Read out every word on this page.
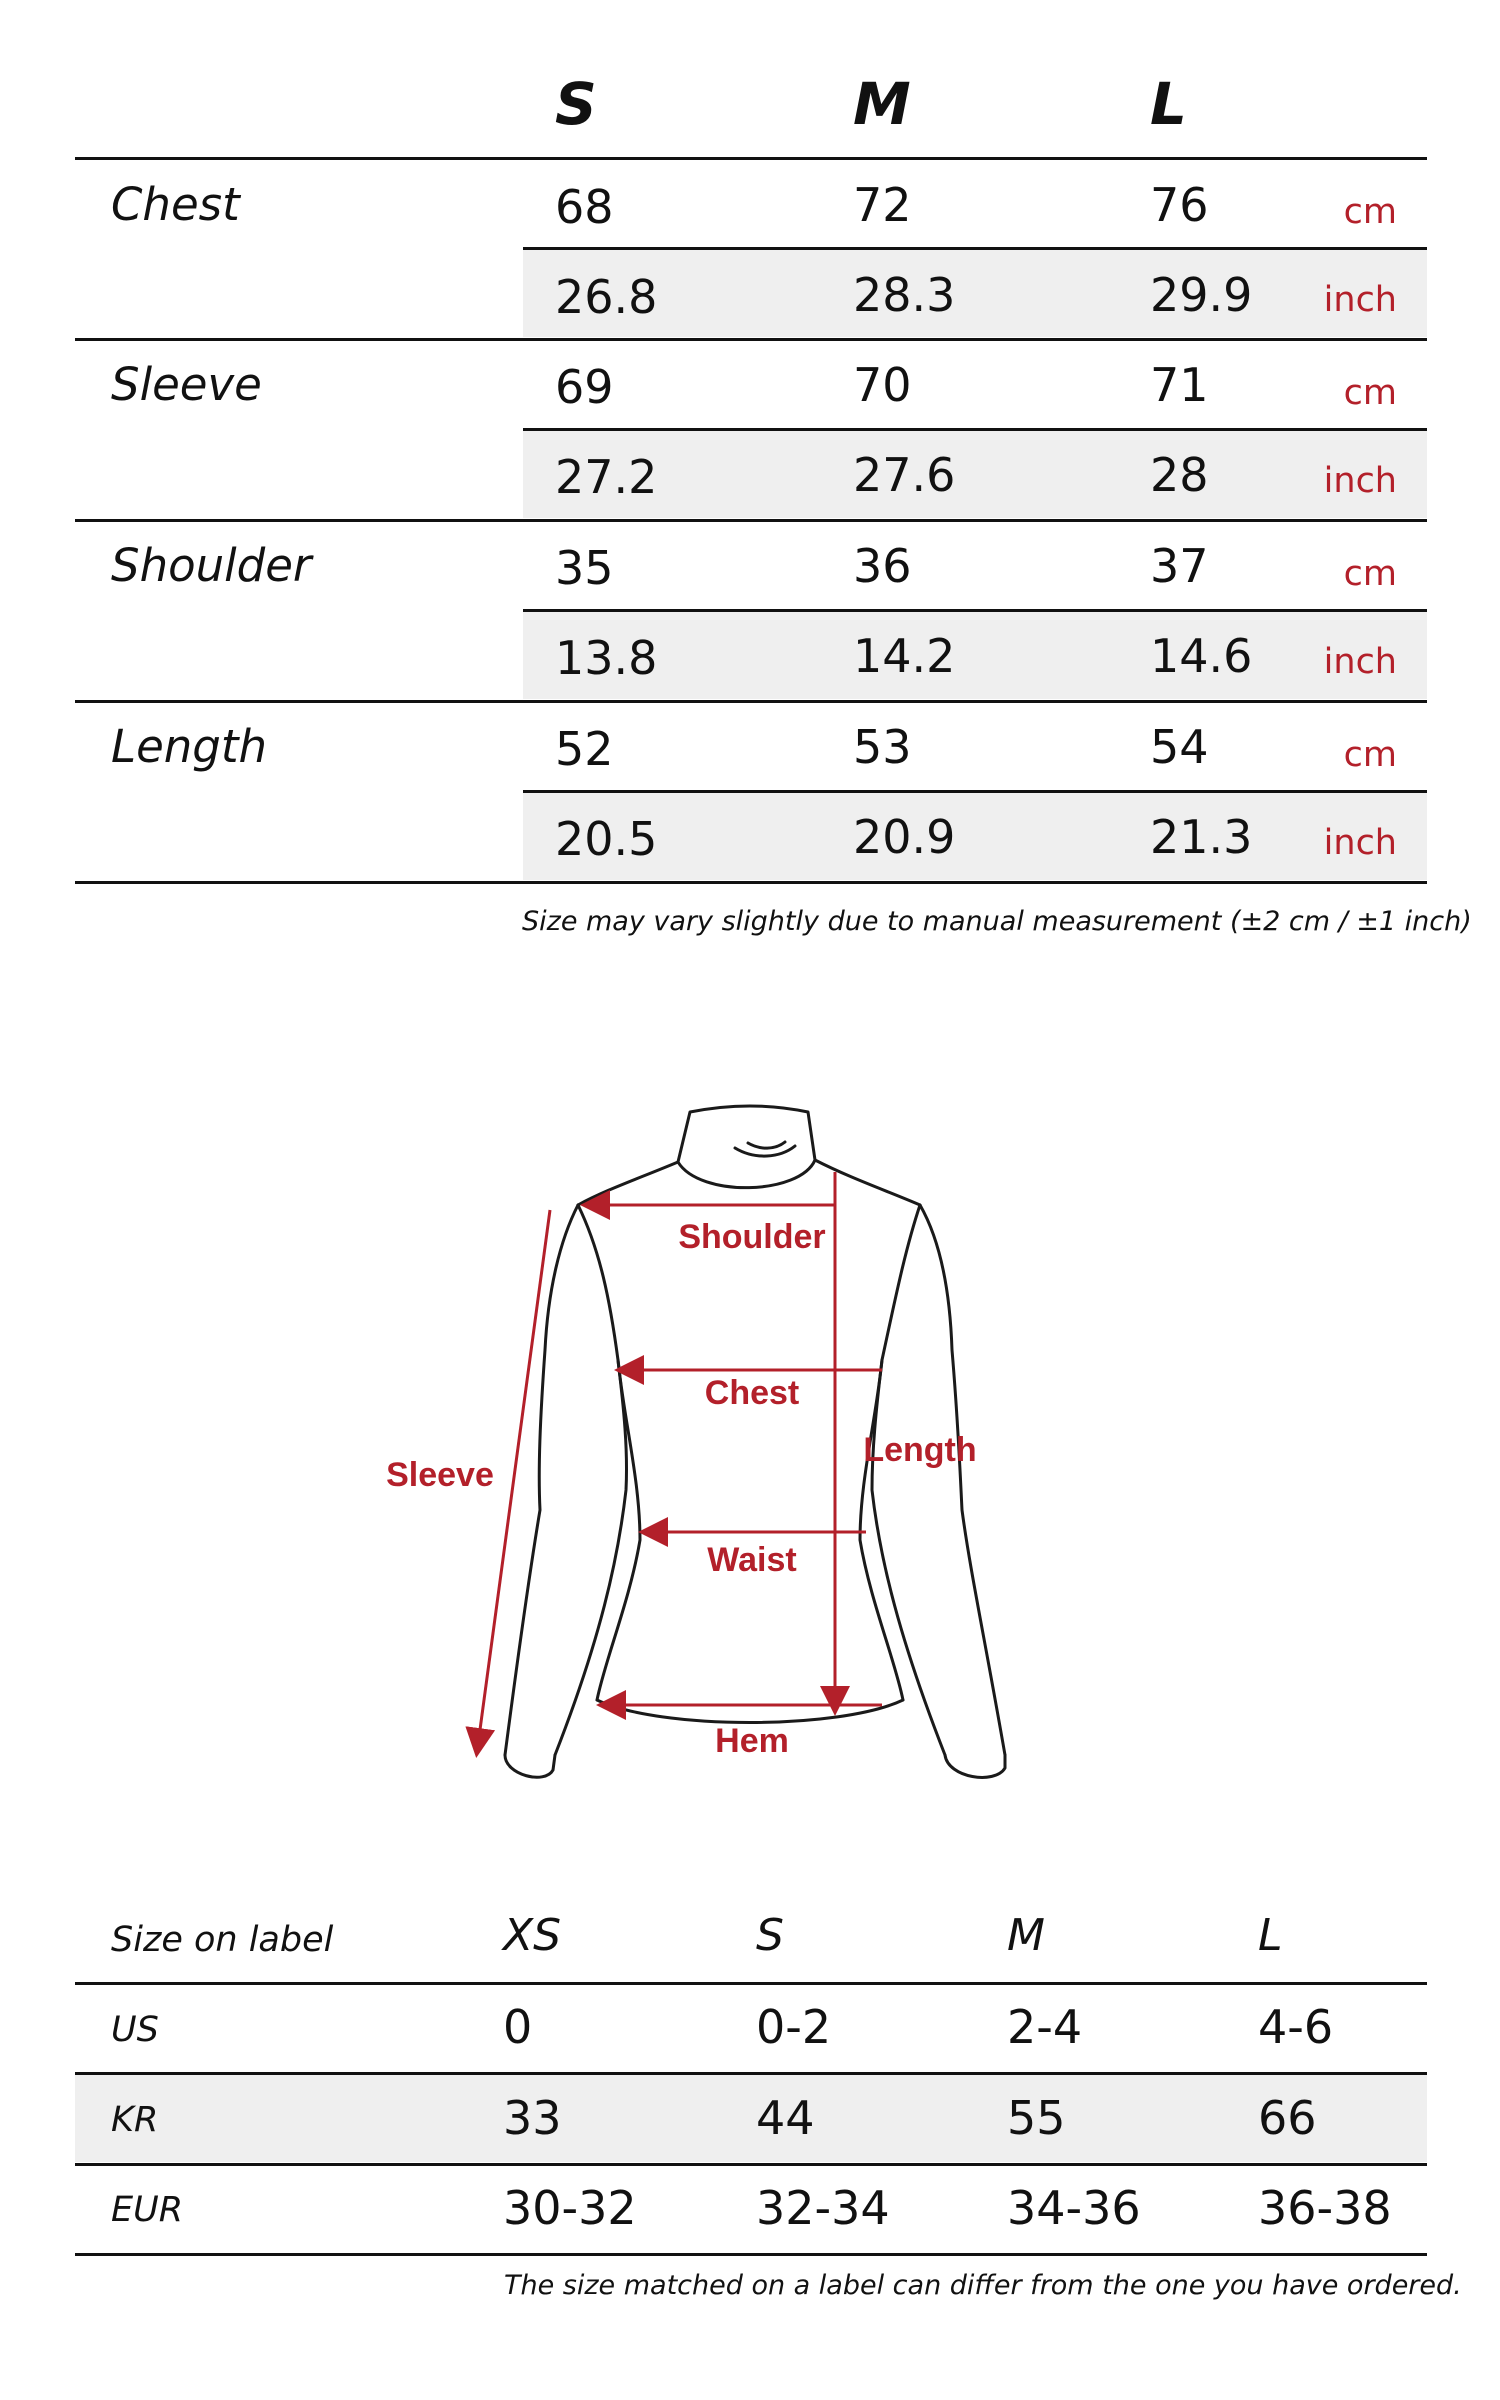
S	M	L
Chest	68	72	76	cm
26.8	28.3	29.9 inch
Sleeve	69	70	71	cm
27.2	27.6	28	inch
Shoulder	35	36	37	cm
13.8	14.2	14.6 inch
Length	52	53	54	cm
20.5	20.9	21.3 inch
Size may vary slightly due to manual measurement (±2 cm / ±1 inch)
Shoulder
Chest
Sleeve
Length
Waist
Hem
Size on label	XS	S	M	L
US	0	0-2	2-4	4-6
KR	33	44	55	66
EUR	30-32	32-34	34-36	36-38
The size matched on a label can differ from the one you have ordered.
